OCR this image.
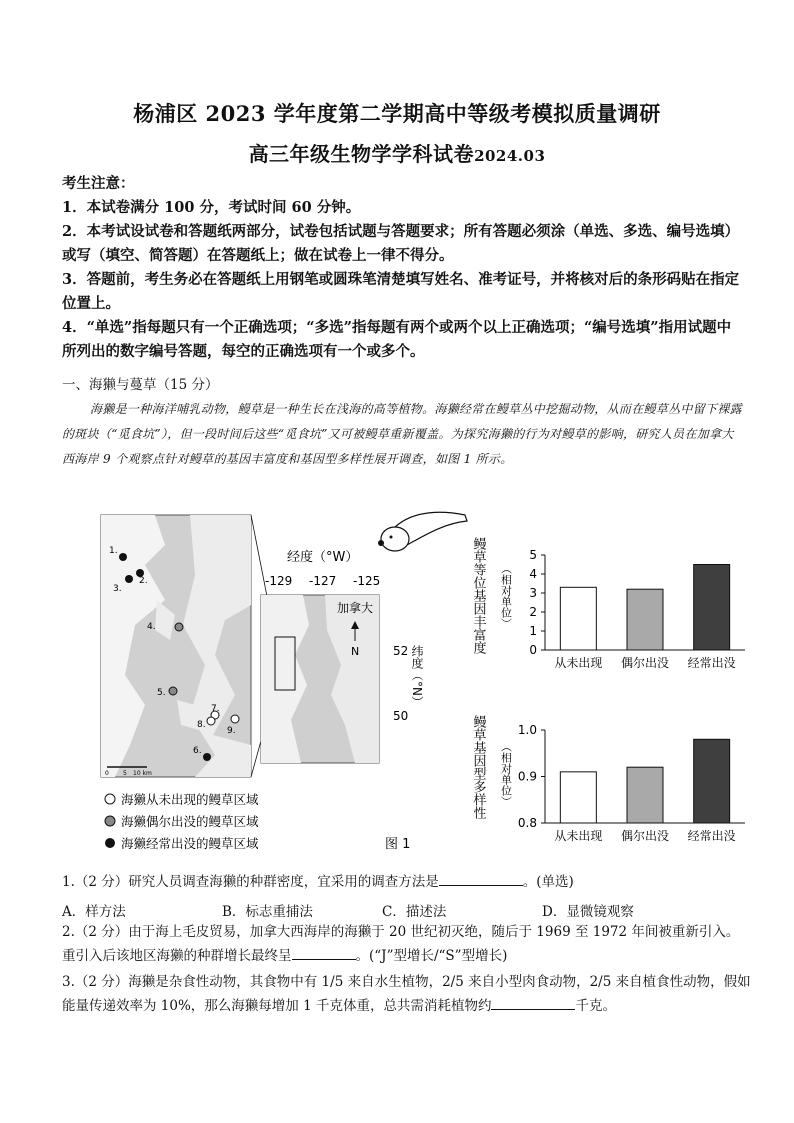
杨浦区 2023 学年度第二学期高中等级考模拟质量调研
高三年级生物学学科试卷2024.03

考生注意：

1．本试卷满分 100 分，考试时间 60 分钟。

2．本考试设试卷和答题纸两部分，试卷包括试题与答题要求；所有答题必须涂（单选、多选、编号选填）或写（填空、简答题）在答题纸上；做在试卷上一律不得分。

3．答题前，考生务必在答题纸上用钢笔或圆珠笔清楚填写姓名、准考证号，并将核对后的条形码贴在指定位置上。

4．“单选”指每题只有一个正确选项；“多选”指每题有两个或两个以上正确选项；“编号选填”指用试题中所列出的数字编号答题，每空的正确选项有一个或多个。

一、海獭与蔓草（15 分）
海獭是一种海洋哺乳动物，鳗草是一种生长在浅海的高等植物。海獭经常在鳗草丛中挖掘动物，从而在鳗草丛中留下裸露的斑块（“觅食坑”），但一段时间后这些“觅食坑”又可被鳗草重新覆盖。为探究海獭的行为对鳗草的影响，研究人员在加拿大西海岸 9 个观察点针对鳗草的基因丰富度和基因型多样性展开调查，如图 1 所示。
1.
2.
3.
4.
5.
6.
7.
8.
9.
0 5 10 km
加拿大
N
经度（°W）
-129 -127 -125
52
50
纬度（°N）
海獭从未出现的鳗草区域
海獭偶尔出没的鳗草区域
海獭经常出没的鳗草区域	图 1
鳗草等位基因丰富度 （相对单位）
0
1
2
3
4
5
从未出现 偶尔出没 经常出没
鳗草基因型多样性 （相对单位）
0.8
0.9
1.0
从未出现 偶尔出没 经常出没
1.（2 分）研究人员调查海獭的种群密度，宜采用的调查方法是	。(单选)
A．样方法	B．标志重捕法	C．描述法	D．显微镜观察
2.（2 分）由于海上毛皮贸易，加拿大西海岸的海獭于 20 世纪初灭绝，随后于 1969 至 1972 年间被重新引入。重引入后该地区海獭的种群增长最终呈	。(“J”型增长/“S”型增长)
3.（2 分）海獭是杂食性动物，其食物中有 1/5 来自水生植物，2/5 来自小型肉食动物，2/5 来自植食性动物，假如能量传递效率为 10%，那么海獭每增加 1 千克体重，总共需消耗植物约	千克。
